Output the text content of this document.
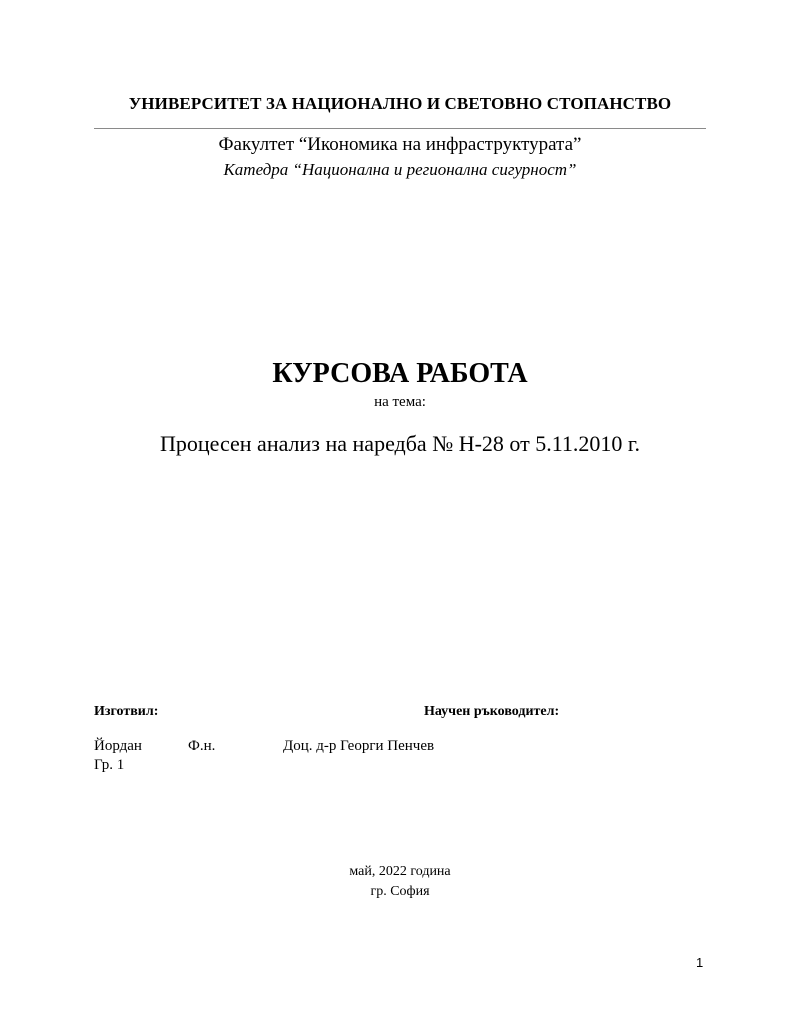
УНИВЕРСИТЕТ ЗА НАЦИОНАЛНО И СВЕТОВНО СТОПАНСТВО
Факултет “Икономика на инфраструктурата”
Катедра “Национална и регионална сигурност”
КУРСОВА РАБОТА
на тема:
Процесен анализ на наредба № Н-28 от 5.11.2010 г.
Изготвил:	Научен ръководител:
Йордан	Ф.н.	Доц. д-р Георги Пенчев
Гр. 1
май, 2022 година
гр. София
1
